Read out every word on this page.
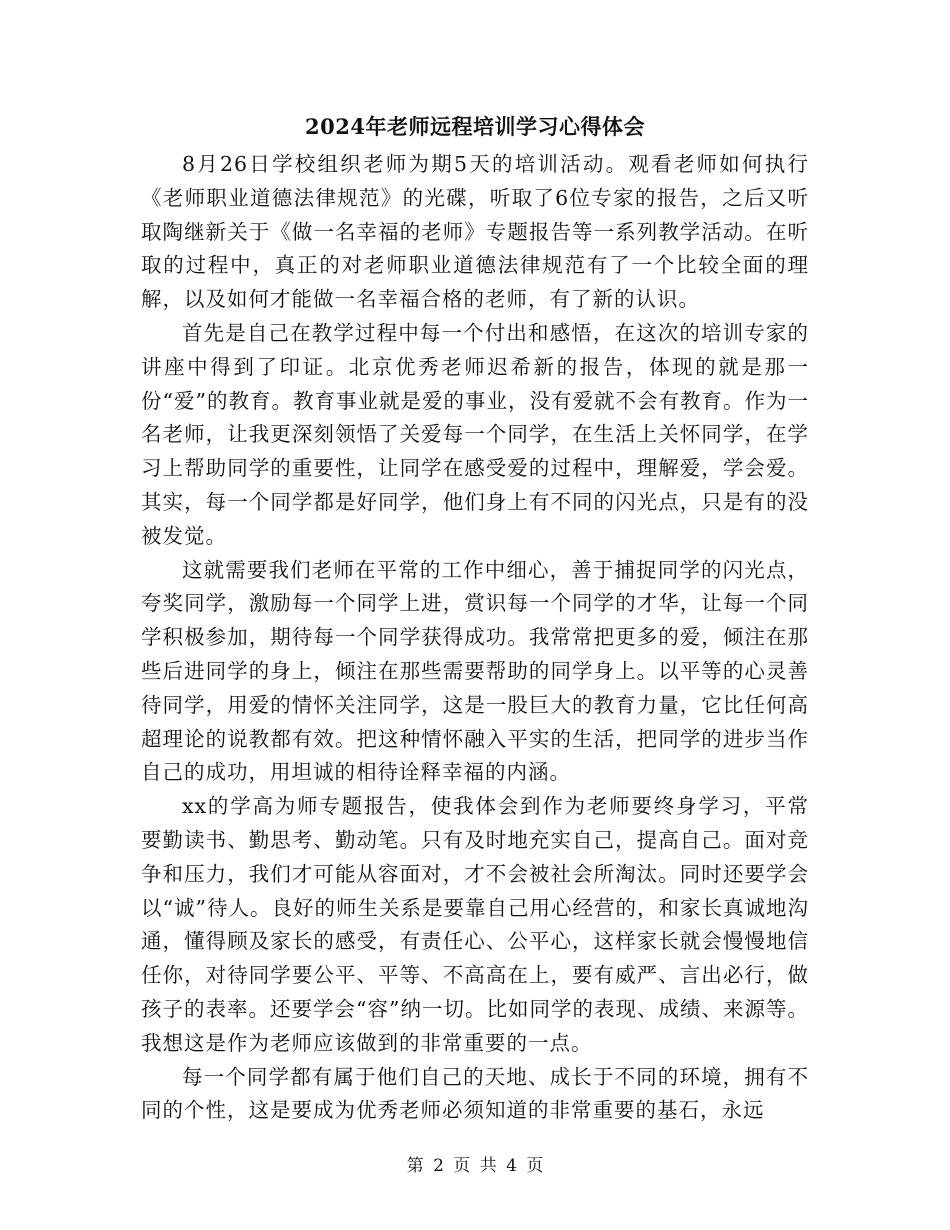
2024年老师远程培训学习心得体会

8月26日学校组织老师为期5天的培训活动。观看老师如何执行《老师职业道德法律规范》的光碟，听取了6位专家的报告，之后又听取陶继新关于《做一名幸福的老师》专题报告等一系列教学活动。在听取的过程中，真正的对老师职业道德法律规范有了一个比较全面的理解，以及如何才能做一名幸福合格的老师，有了新的认识。

首先是自己在教学过程中每一个付出和感悟，在这次的培训专家的讲座中得到了印证。北京优秀老师迟希新的报告，体现的就是那一份“爱”的教育。教育事业就是爱的事业，没有爱就不会有教育。作为一名老师，让我更深刻领悟了关爱每一个同学，在生活上关怀同学，在学习上帮助同学的重要性，让同学在感受爱的过程中，理解爱，学会爱。其实，每一个同学都是好同学，他们身上有不同的闪光点，只是有的没被发觉。

这就需要我们老师在平常的工作中细心，善于捕捉同学的闪光点，夸奖同学，激励每一个同学上进，赏识每一个同学的才华，让每一个同学积极参加，期待每一个同学获得成功。我常常把更多的爱，倾注在那些后进同学的身上，倾注在那些需要帮助的同学身上。以平等的心灵善待同学，用爱的情怀关注同学，这是一股巨大的教育力量，它比任何高超理论的说教都有效。把这种情怀融入平实的生活，把同学的进步当作自己的成功，用坦诚的相待诠释幸福的内涵。

xx的学高为师专题报告，使我体会到作为老师要终身学习，平常要勤读书、勤思考、勤动笔。只有及时地充实自己，提高自己。面对竞争和压力，我们才可能从容面对，才不会被社会所淘汰。同时还要学会以“诚”待人。良好的师生关系是要靠自己用心经营的，和家长真诚地沟通，懂得顾及家长的感受，有责任心、公平心，这样家长就会慢慢地信任你，对待同学要公平、平等、不高高在上，要有威严、言出必行，做孩子的表率。还要学会“容”纳一切。比如同学的表现、成绩、来源等。我想这是作为老师应该做到的非常重要的一点。

每一个同学都有属于他们自己的天地、成长于不同的环境，拥有不同的个性，这是要成为优秀老师必须知道的非常重要的基石，永远

第 2 页 共 4 页
